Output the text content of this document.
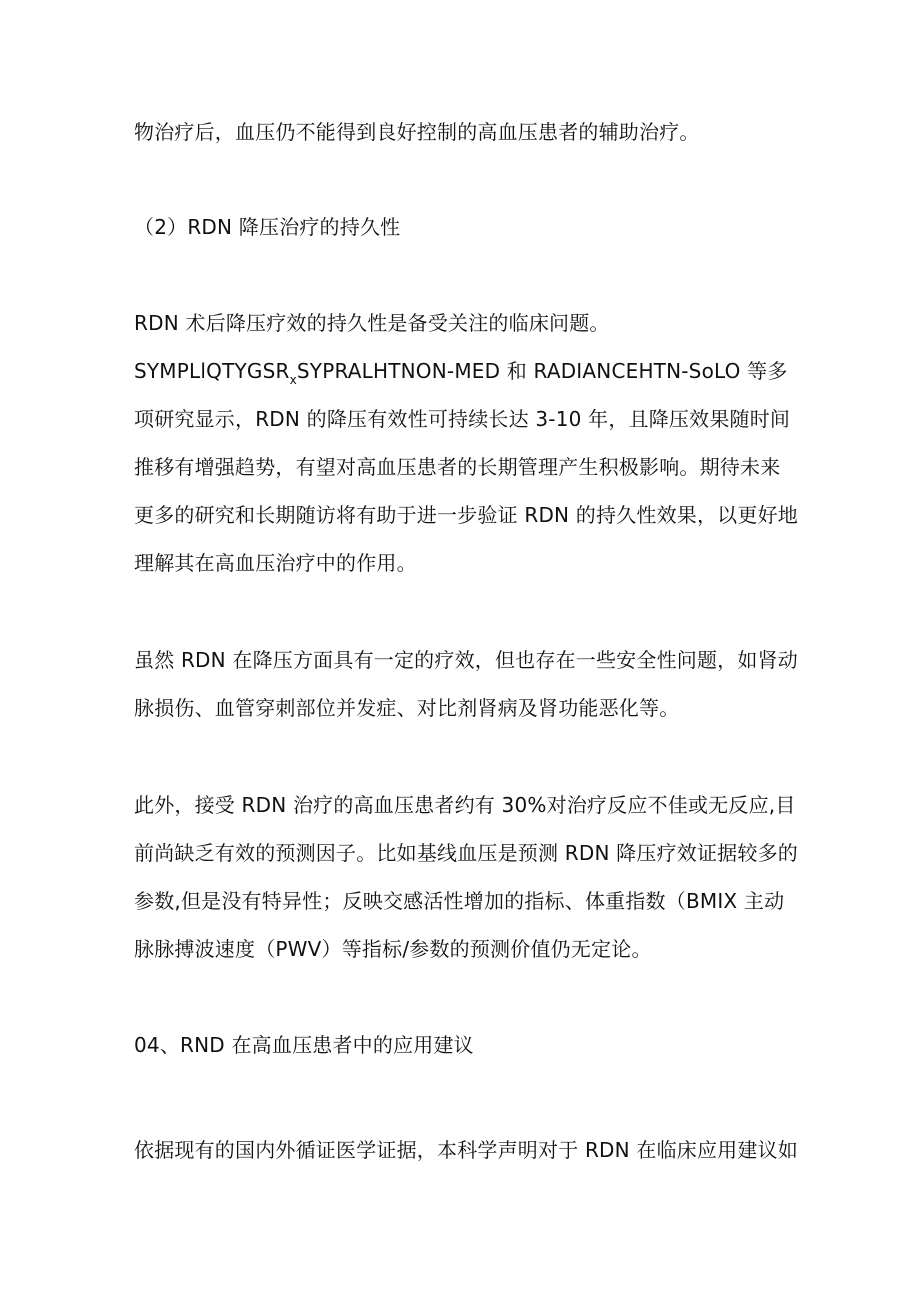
物治疗后，血压仍不能得到良好控制的高血压患者的辅助治疗。
（2）RDN 降压治疗的持久性
RDN 术后降压疗效的持久性是备受关注的临床问题。
SYMPLlQTYGSR$_x$SYPRALHTNON-MED 和 RADIANCEHTN-SoLO 等多
项研究显示，RDN 的降压有效性可持续长达 3-10 年，且降压效果随时间
推移有增强趋势，有望对高血压患者的长期管理产生积极影响。期待未来
更多的研究和长期随访将有助于进一步验证 RDN 的持久性效果，以更好地
理解其在高血压治疗中的作用。
虽然 RDN 在降压方面具有一定的疗效，但也存在一些安全性问题，如肾动
脉损伤、血管穿刺部位并发症、对比剂肾病及肾功能恶化等。
此外，接受 RDN 治疗的高血压患者约有 30%对治疗反应不佳或无反应,目
前尚缺乏有效的预测因子。比如基线血压是预测 RDN 降压疗效证据较多的
参数,但是没有特异性；反映交感活性增加的指标、体重指数（BMIX 主动
脉脉搏波速度（PWV）等指标/参数的预测价值仍无定论。
04、RND 在高血压患者中的应用建议
依据现有的国内外循证医学证据，本科学声明对于 RDN 在临床应用建议如
